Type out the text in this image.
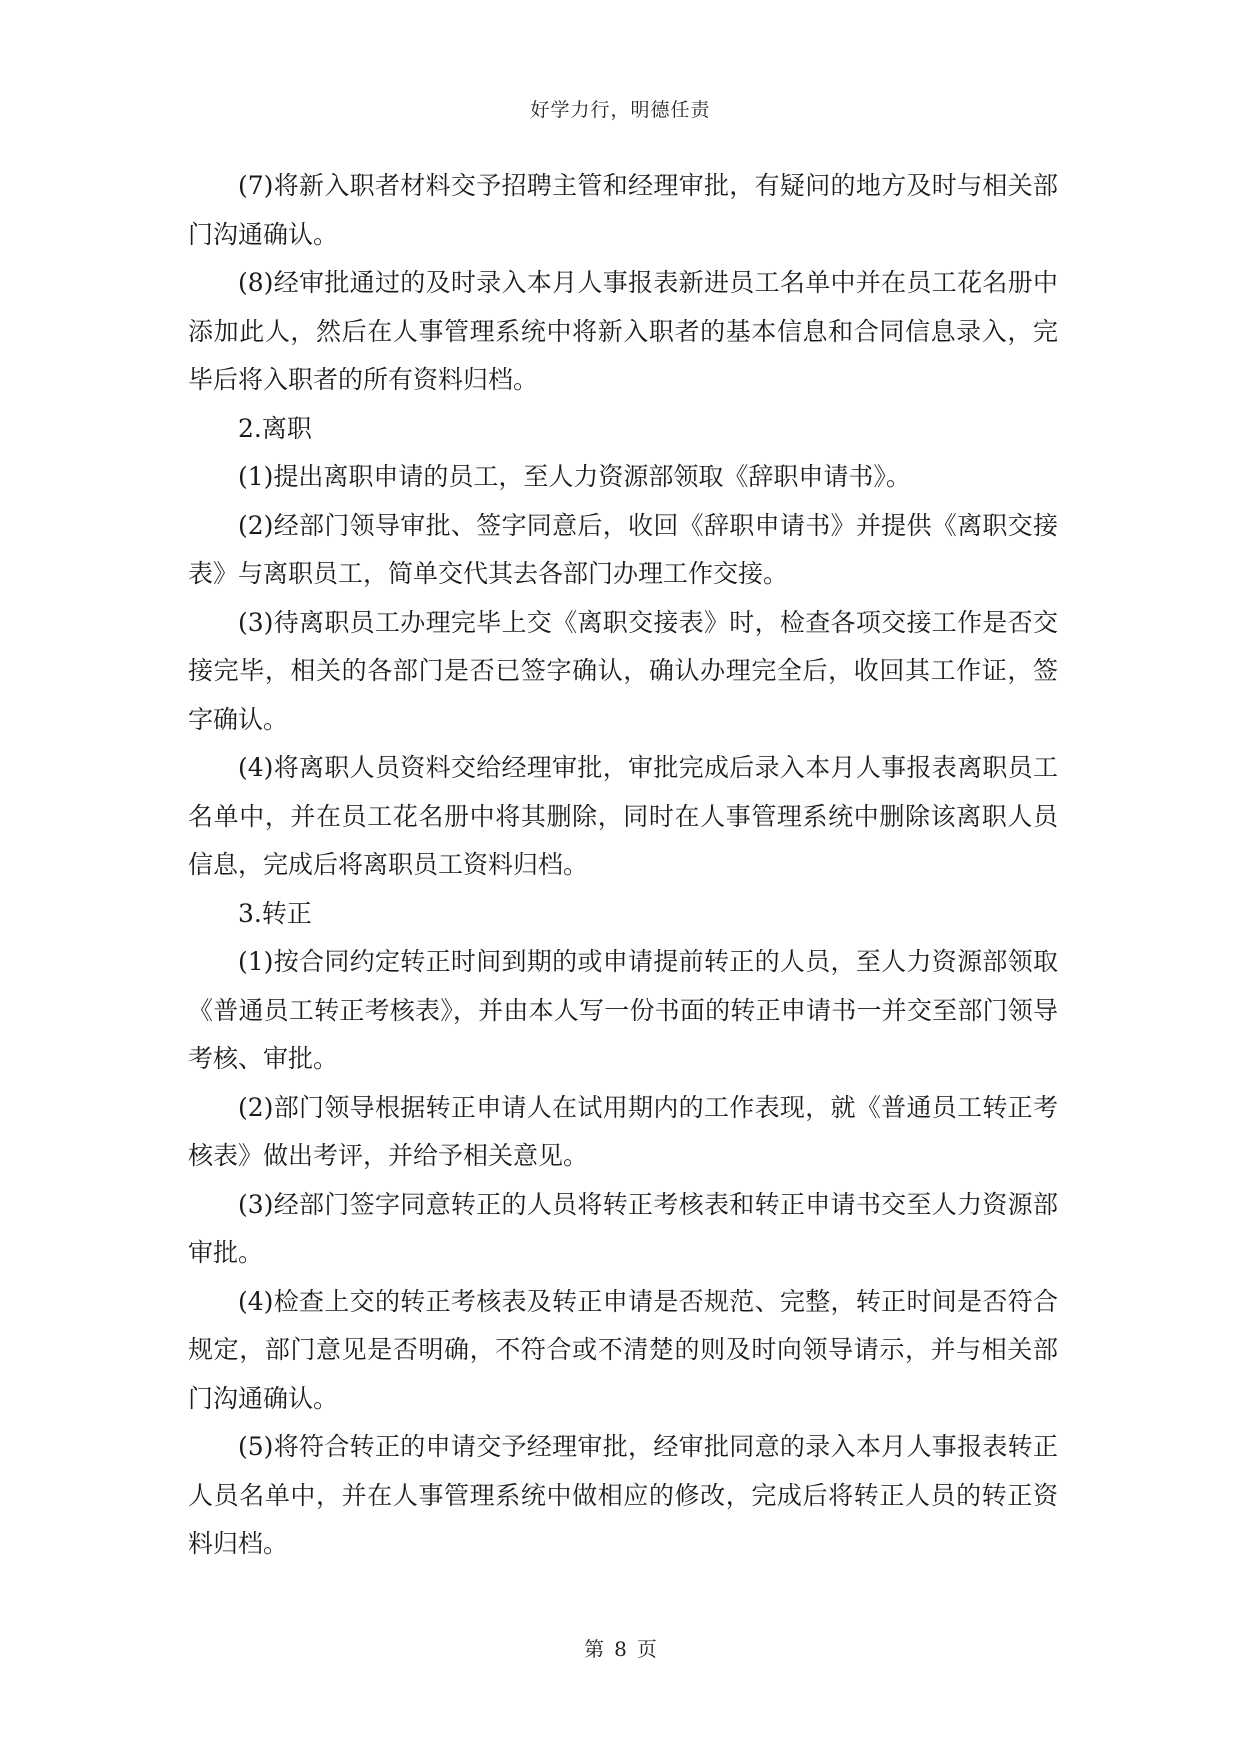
好学力行，明德任责

(7)将新入职者材料交予招聘主管和经理审批，有疑问的地方及时与相关部门沟通确认。

(8)经审批通过的及时录入本月人事报表新进员工名单中并在员工花名册中添加此人，然后在人事管理系统中将新入职者的基本信息和合同信息录入，完毕后将入职者的所有资料归档。

2.离职

(1)提出离职申请的员工，至人力资源部领取《辞职申请书》。

(2)经部门领导审批、签字同意后，收回《辞职申请书》并提供《离职交接表》与离职员工，简单交代其去各部门办理工作交接。

(3)待离职员工办理完毕上交《离职交接表》时，检查各项交接工作是否交接完毕，相关的各部门是否已签字确认，确认办理完全后，收回其工作证，签字确认。

(4)将离职人员资料交给经理审批，审批完成后录入本月人事报表离职员工名单中，并在员工花名册中将其删除，同时在人事管理系统中删除该离职人员信息，完成后将离职员工资料归档。

3.转正

(1)按合同约定转正时间到期的或申请提前转正的人员，至人力资源部领取《普通员工转正考核表》，并由本人写一份书面的转正申请书一并交至部门领导考核、审批。

(2)部门领导根据转正申请人在试用期内的工作表现，就《普通员工转正考核表》做出考评，并给予相关意见。

(3)经部门签字同意转正的人员将转正考核表和转正申请书交至人力资源部审批。

(4)检查上交的转正考核表及转正申请是否规范、完整，转正时间是否符合规定，部门意见是否明确，不符合或不清楚的则及时向领导请示，并与相关部门沟通确认。

(5)将符合转正的申请交予经理审批，经审批同意的录入本月人事报表转正人员名单中，并在人事管理系统中做相应的修改，完成后将转正人员的转正资料归档。

第 8 页
